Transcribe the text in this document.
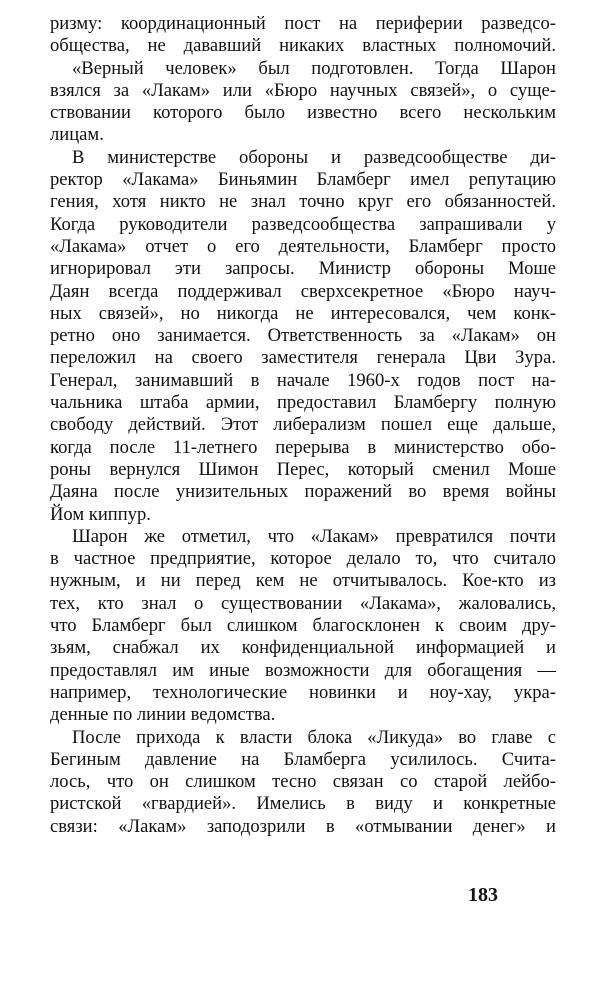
ризму: координационный пост на периферии разведсо-
общества, не дававший никаких властных полномочий.
«Верный человек» был подготовлен. Тогда Шарон
взялся за «Лакам» или «Бюро научных связей», о суще-
ствовании которого было известно всего нескольким
лицам.
В министерстве обороны и разведсообществе ди-
ректор «Лакама» Биньямин Бламберг имел репутацию
гения, хотя никто не знал точно круг его обязанностей.
Когда руководители разведсообщества запрашивали у
«Лакама» отчет о его деятельности, Бламберг просто
игнорировал эти запросы. Министр обороны Моше
Даян всегда поддерживал сверхсекретное «Бюро науч-
ных связей», но никогда не интересовался, чем конк-
ретно оно занимается. Ответственность за «Лакам» он
переложил на своего заместителя генерала Цви Зура.
Генерал, занимавший в начале 1960-х годов пост на-
чальника штаба армии, предоставил Бламбергу полную
свободу действий. Этот либерализм пошел еще дальше,
когда после 11-летнего перерыва в министерство обо-
роны вернулся Шимон Перес, который сменил Моше
Даяна после унизительных поражений во время войны
Йом киппур.
Шарон же отметил, что «Лакам» превратился почти
в частное предприятие, которое делало то, что считало
нужным, и ни перед кем не отчитывалось. Кое-кто из
тех, кто знал о существовании «Лакама», жаловались,
что Бламберг был слишком благосклонен к своим дру-
зьям, снабжал их конфиденциальной информацией и
предоставлял им иные возможности для обогащения —
например, технологические новинки и ноу-хау, укра-
денные по линии ведомства.
После прихода к власти блока «Ликуда» во главе с
Бегиным давление на Бламберга усилилось. Счита-
лось, что он слишком тесно связан со старой лейбо-
ристской «гвардией». Имелись в виду и конкретные
связи: «Лакам» заподозрили в «отмывании денег» и
183
